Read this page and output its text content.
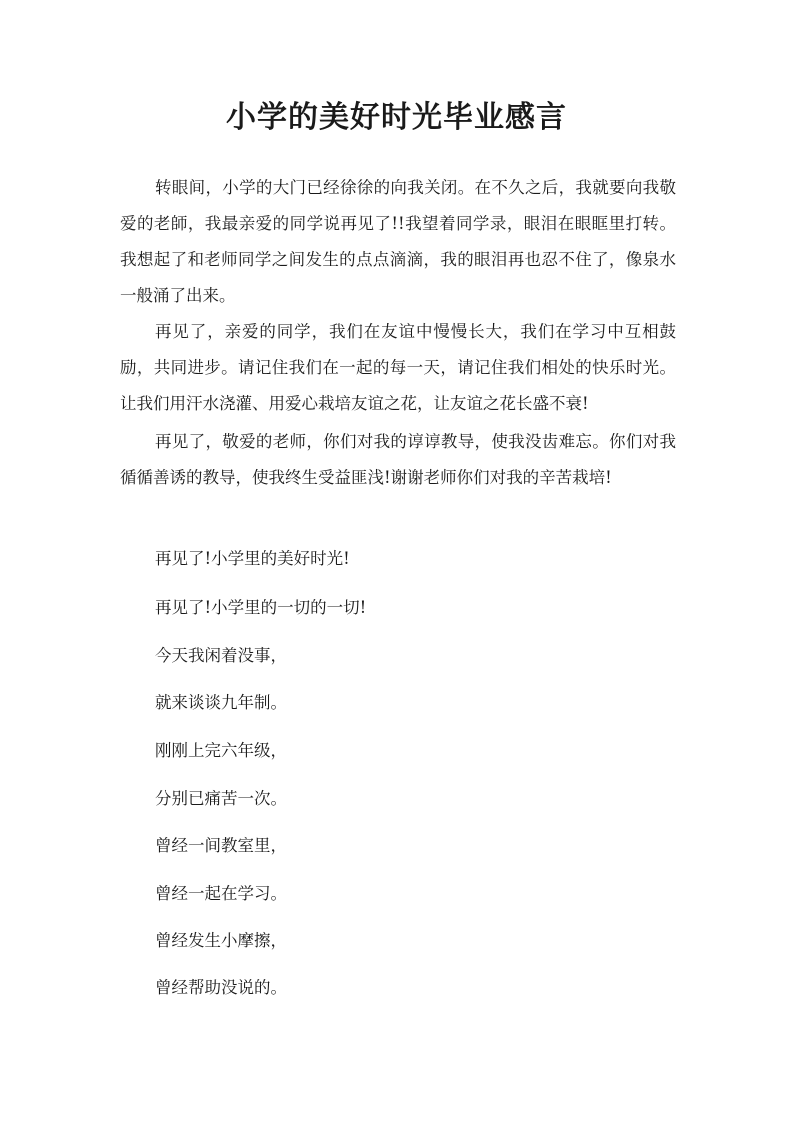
小学的美好时光毕业感言

转眼间，小学的大门已经徐徐的向我关闭。在不久之后，我就要向我敬爱的老師，我最亲爱的同学说再见了!!我望着同学录，眼泪在眼眶里打转。我想起了和老师同学之间发生的点点滴滴，我的眼泪再也忍不住了，像泉水一般涌了出来。

再见了，亲爱的同学，我们在友谊中慢慢长大，我们在学习中互相鼓励，共同进步。请记住我们在一起的每一天，请记住我们相处的快乐时光。让我们用汗水浇灌、用爱心栽培友谊之花，让友谊之花长盛不衰!

再见了，敬爱的老师，你们对我的谆谆教导，使我没齿难忘。你们对我循循善诱的教导，使我终生受益匪浅!谢谢老师你们对我的辛苦栽培!

再见了!小学里的美好时光!

再见了!小学里的一切的一切!

今天我闲着没事，

就来谈谈九年制。

刚刚上完六年级，

分别已痛苦一次。

曾经一间教室里，

曾经一起在学习。

曾经发生小摩擦，

曾经帮助没说的。
